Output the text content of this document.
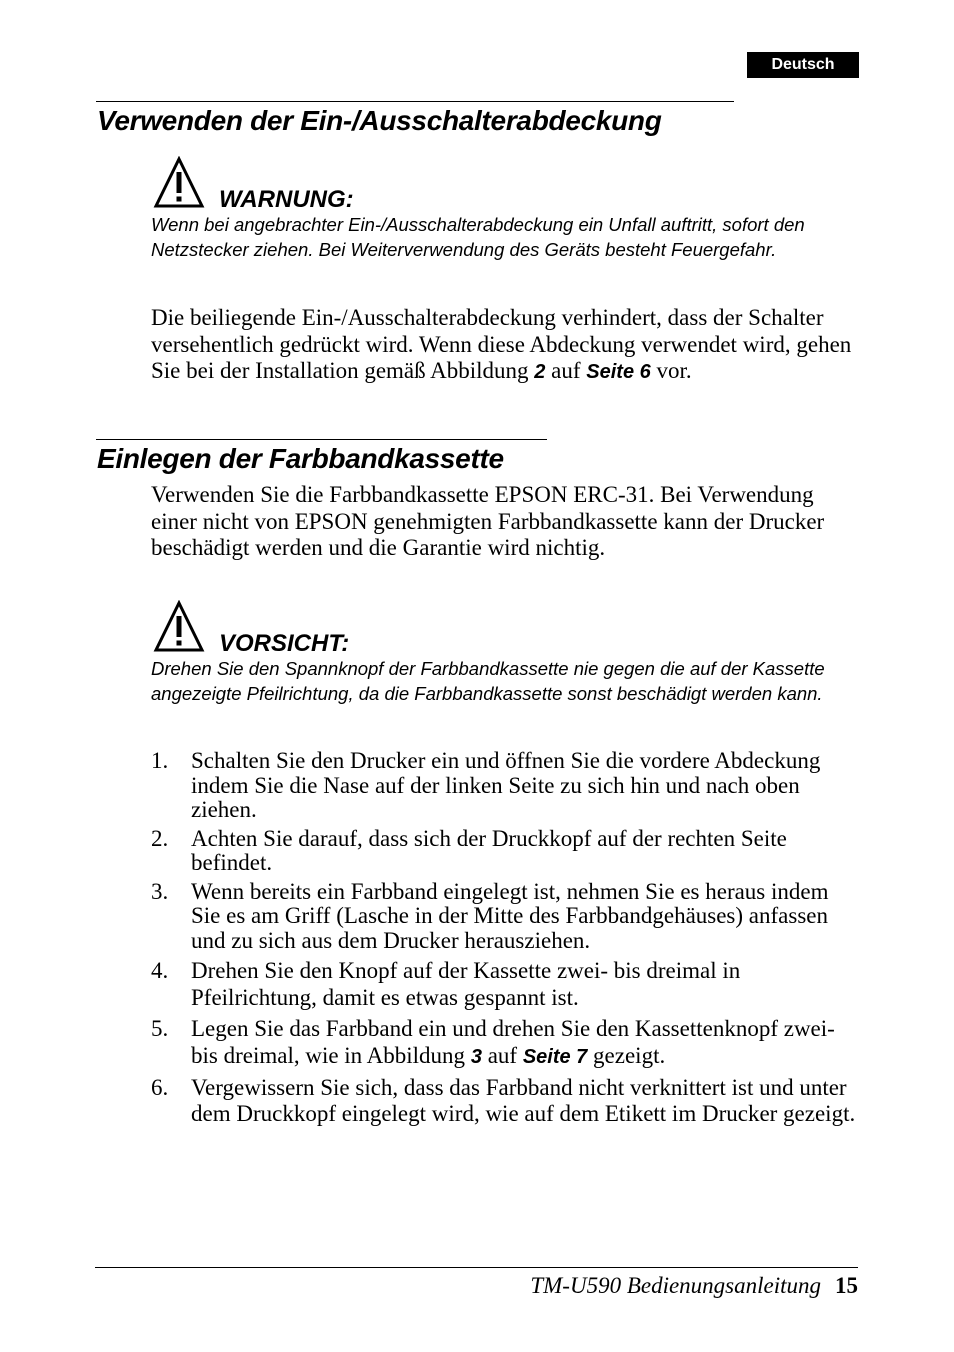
Deutsch
Verwenden der Ein-/Ausschalterabdeckung
WARNUNG:
Wenn bei angebrachter Ein-/Ausschalterabdeckung ein Unfall auftritt, sofort den Netzstecker ziehen. Bei Weiterverwendung des Geräts besteht Feuergefahr.
Die beiliegende Ein-/Ausschalterabdeckung verhindert, dass der Schalter versehentlich gedrückt wird. Wenn diese Abdeckung verwendet wird, gehen Sie bei der Installation gemäß Abbildung 2 auf Seite 6 vor.
Einlegen der Farbbandkassette
Verwenden Sie die Farbbandkassette EPSON ERC-31. Bei Verwendung einer nicht von EPSON genehmigten Farbbandkassette kann der Drucker beschädigt werden und die Garantie wird nichtig.
VORSICHT:
Drehen Sie den Spannknopf der Farbbandkassette nie gegen die auf der Kassette angezeigte Pfeilrichtung, da die Farbbandkassette sonst beschädigt werden kann.
1. Schalten Sie den Drucker ein und öffnen Sie die vordere Abdeckung indem Sie die Nase auf der linken Seite zu sich hin und nach oben ziehen.
2. Achten Sie darauf, dass sich der Druckkopf auf der rechten Seite befindet.
3. Wenn bereits ein Farbband eingelegt ist, nehmen Sie es heraus indem Sie es am Griff (Lasche in der Mitte des Farbbandgehäuses) anfassen und zu sich aus dem Drucker herausziehen.
4. Drehen Sie den Knopf auf der Kassette zwei- bis dreimal in Pfeilrichtung, damit es etwas gespannt ist.
5. Legen Sie das Farbband ein und drehen Sie den Kassettenknopf zwei- bis dreimal, wie in Abbildung 3 auf Seite 7 gezeigt.
6. Vergewissern Sie sich, dass das Farbband nicht verknittert ist und unter dem Druckkopf eingelegt wird, wie auf dem Etikett im Drucker gezeigt.
TM-U590 Bedienungsanleitung 15
